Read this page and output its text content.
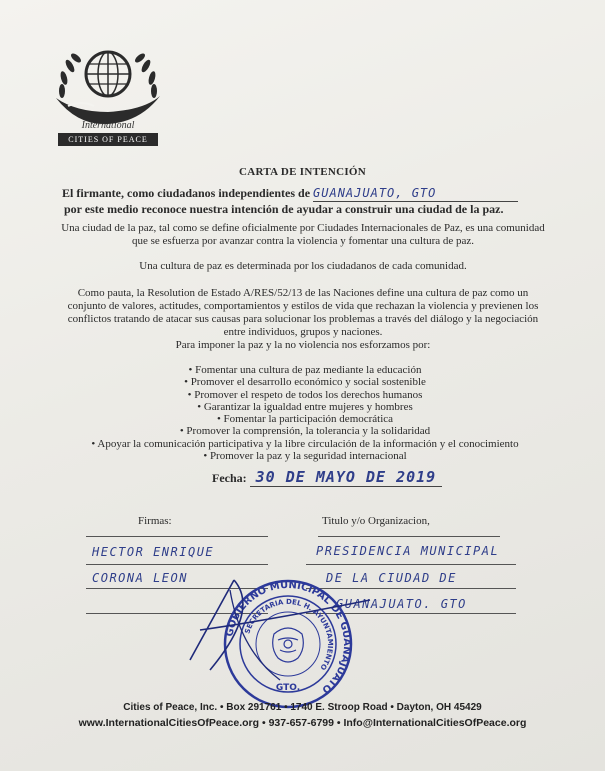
International
CITIES OF PEACE
CARTA DE INTENCIÓN
El firmante, como ciudadanos independientes de GUANAJUATO, GTO
por este medio reconoce nuestra intención de ayudar a construir una ciudad de la paz.
Una ciudad de la paz, tal como se define oficialmente por Ciudades Internacionales de Paz, es una comunidad que se esfuerza por avanzar contra la violencia y fomentar una cultura de paz.
Una cultura de paz es determinada por los ciudadanos de cada comunidad.
Como pauta, la Resolution de Estado A/RES/52/13 de las Naciones define una cultura de paz como un conjunto de valores, actitudes, comportamientos y estilos de vida que rechazan la violencia y previenen los conflictos tratando de atacar sus causas para solucionar los problemas a través del diálogo y la negociación entre individuos, grupos y naciones.
Para imponer la paz y la no violencia nos esforzamos por:
• Fomentar una cultura de paz mediante la educación
• Promover el desarrollo económico y social sostenible
• Promover el respeto de todos los derechos humanos
• Garantizar la igualdad entre mujeres y hombres
• Fomentar la participación democrática
• Promover la comprensión, la tolerancia y la solidaridad
• Apoyar la comunicación participativa y la libre circulación de la información y el conocimiento
• Promover la paz y la seguridad internacional
Fecha: 30 DE MAYO DE 2019
Firmas:	Titulo y/o Organizacion,
HECTOR ENRIQUE
CORONA LEON
PRESIDENCIA MUNICIPAL
DE LA CIUDAD DE
GUANAJUATO. GTO
GOBIERNO MUNICIPAL DE GUANAJUATO
SECRETARIA DEL H. AYUNTAMIENTO
GTO.
Cities of Peace, Inc. • Box 291761 • 1740 E. Stroop Road • Dayton, OH 45429
www.InternationalCitiesOfPeace.org • 937-657-6799 • Info@InternationalCitiesOfPeace.org
